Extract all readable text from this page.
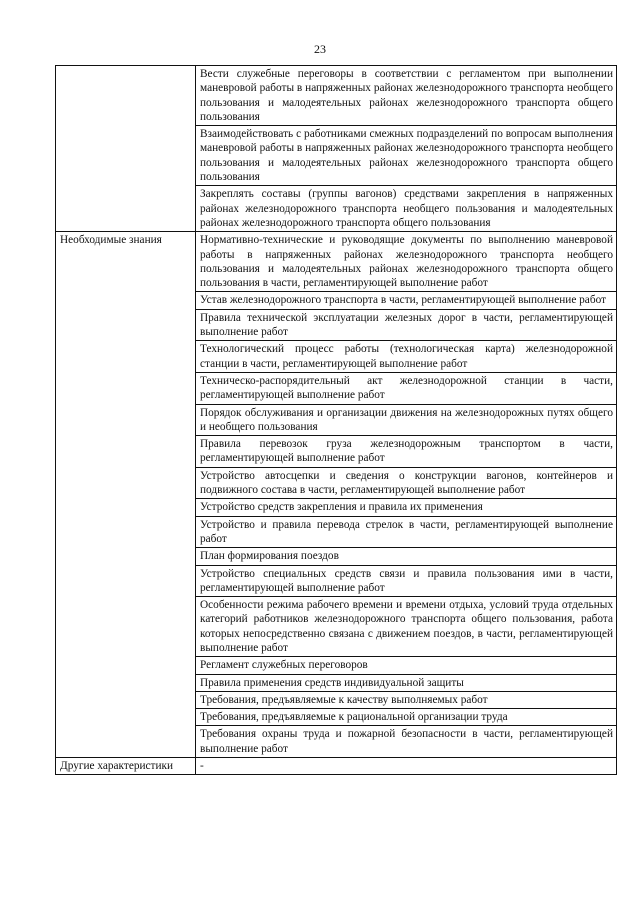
23
	Вести служебные переговоры в соответствии с регламентом при выполнении маневровой работы в напряженных районах железнодорожного транспорта необщего пользования и малодеятельных районах железнодорожного транспорта общего пользования
	Взаимодействовать с работниками смежных подразделений по вопросам выполнения маневровой работы в напряженных районах железнодорожного транспорта необщего пользования и малодеятельных районах железнодорожного транспорта общего пользования
	Закреплять составы (группы вагонов) средствами закрепления в напряженных районах железнодорожного транспорта необщего пользования и малодеятельных районах железнодорожного транспорта общего пользования
Необходимые знания	Нормативно-технические и руководящие документы по выполнению маневровой работы в напряженных районах железнодорожного транспорта необщего пользования и малодеятельных районах железнодорожного транспорта общего пользования в части, регламентирующей выполнение работ
	Устав железнодорожного транспорта в части, регламентирующей выполнение работ
	Правила технической эксплуатации железных дорог в части, регламентирующей выполнение работ
	Технологический процесс работы (технологическая карта) железнодорожной станции в части, регламентирующей выполнение работ
	Техническо-распорядительный акт железнодорожной станции в части, регламентирующей выполнение работ
	Порядок обслуживания и организации движения на железнодорожных путях общего и необщего пользования
	Правила перевозок груза железнодорожным транспортом в части, регламентирующей выполнение работ
	Устройство автосцепки и сведения о конструкции вагонов, контейнеров и подвижного состава в части, регламентирующей выполнение работ
	Устройство средств закрепления и правила их применения
	Устройство и правила перевода стрелок в части, регламентирующей выполнение работ
	План формирования поездов
	Устройство специальных средств связи и правила пользования ими в части, регламентирующей выполнение работ
	Особенности режима рабочего времени и времени отдыха, условий труда отдельных категорий работников железнодорожного транспорта общего пользования, работа которых непосредственно связана с движением поездов, в части, регламентирующей выполнение работ
	Регламент служебных переговоров
	Правила применения средств индивидуальной защиты
	Требования, предъявляемые к качеству выполняемых работ
	Требования, предъявляемые к рациональной организации труда
	Требования охраны труда и пожарной безопасности в части, регламентирующей выполнение работ
Другие характеристики	-
